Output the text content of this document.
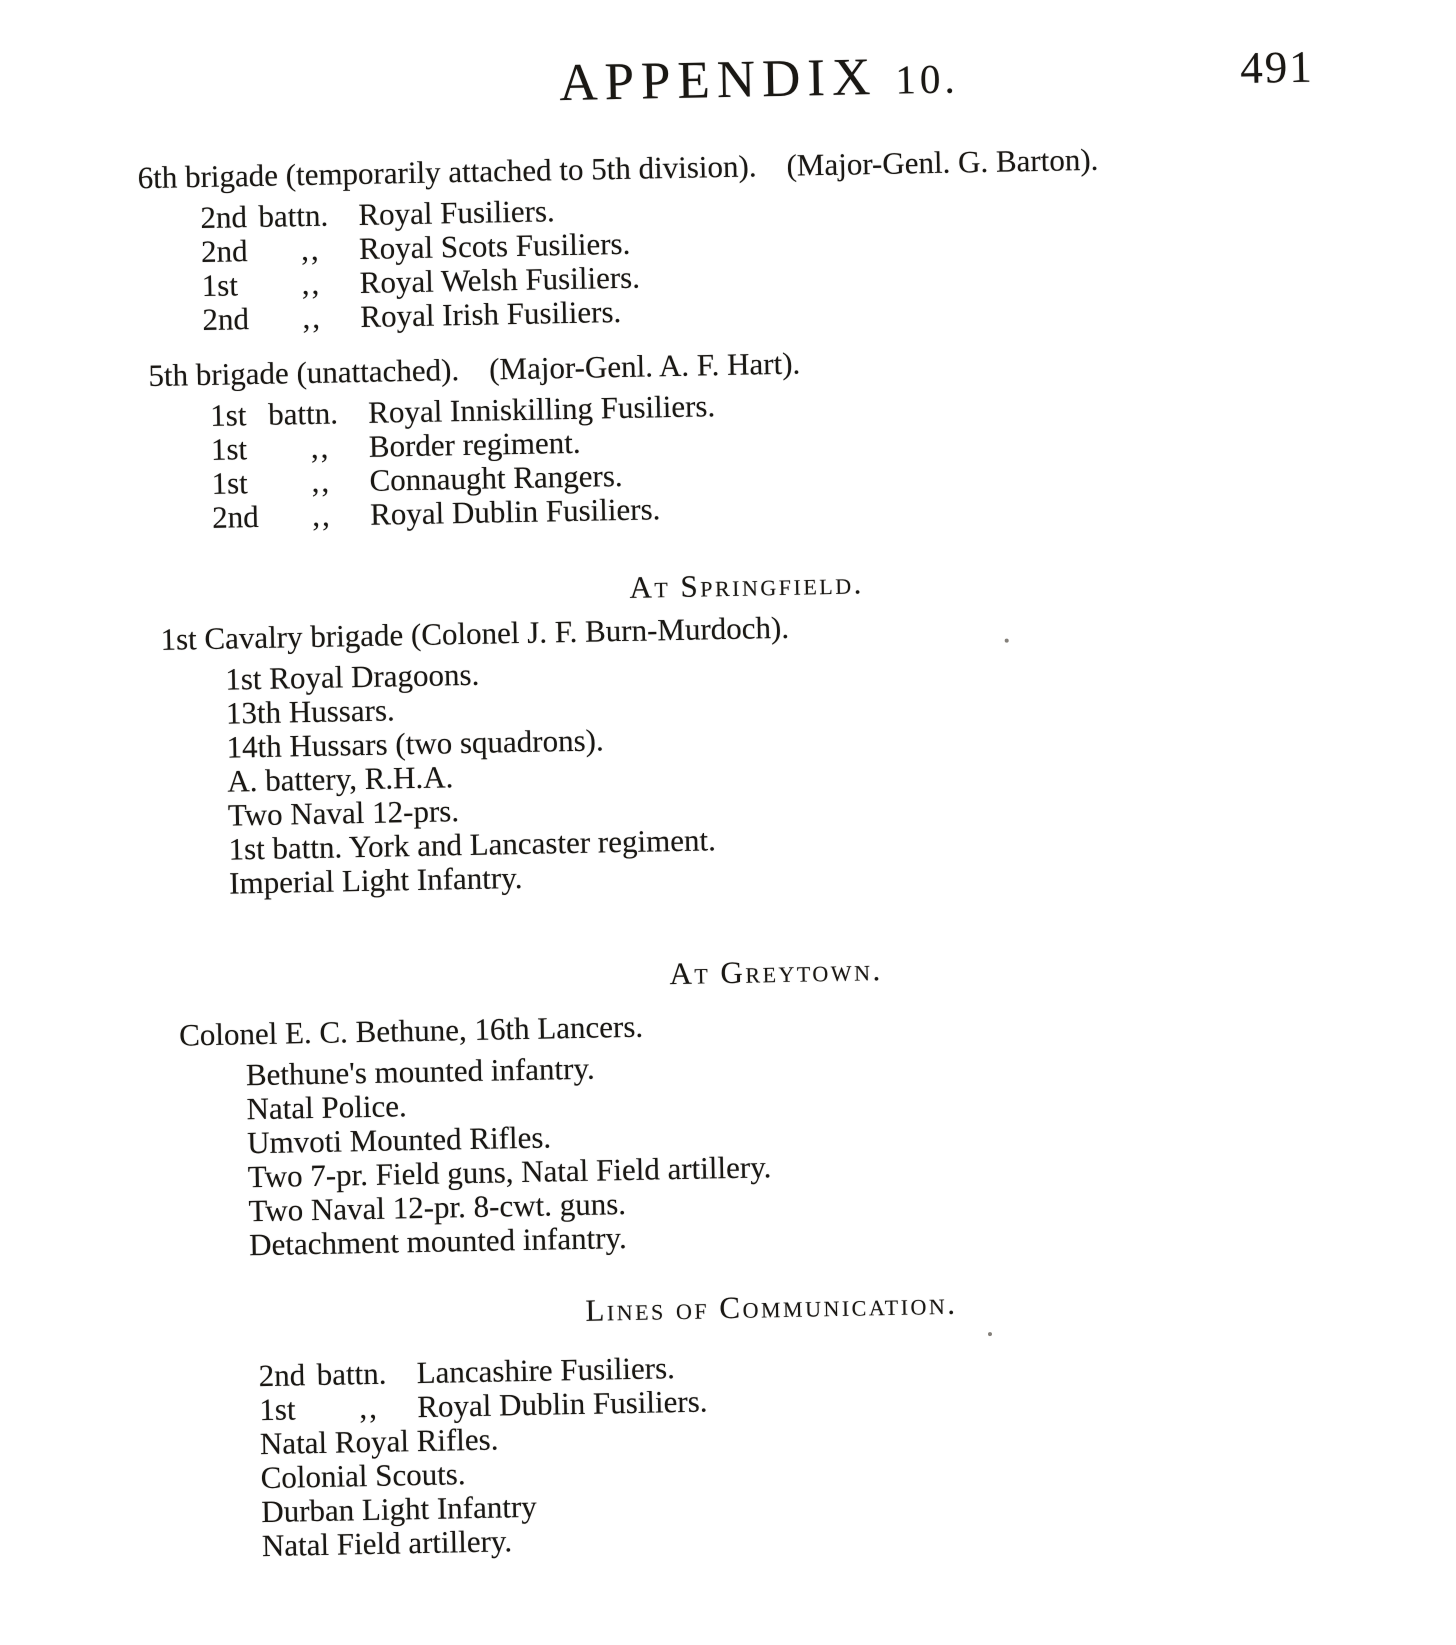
APPENDIX 10.	491
6th brigade (temporarily attached to 5th division). (Major-Genl. G. Barton).
2nd battn. Royal Fusiliers.
2nd ,, Royal Scots Fusiliers.
1st ,, Royal Welsh Fusiliers.
2nd ,, Royal Irish Fusiliers.
5th brigade (unattached). (Major-Genl. A. F. Hart).
1st battn. Royal Inniskilling Fusiliers.
1st ,, Border regiment.
1st ,, Connaught Rangers.
2nd ,, Royal Dublin Fusiliers.
At Springfield.
1st Cavalry brigade (Colonel J. F. Burn-Murdoch).
1st Royal Dragoons.
13th Hussars.
14th Hussars (two squadrons).
A. battery, R.H.A.
Two Naval 12-prs.
1st battn. York and Lancaster regiment.
Imperial Light Infantry.
At Greytown.
Colonel E. C. Bethune, 16th Lancers.
Bethune's mounted infantry.
Natal Police.
Umvoti Mounted Rifles.
Two 7-pr. Field guns, Natal Field artillery.
Two Naval 12-pr. 8-cwt. guns.
Detachment mounted infantry.
Lines of Communication.
2nd battn. Lancashire Fusiliers.
1st ,, Royal Dublin Fusiliers.
Natal Royal Rifles.
Colonial Scouts.
Durban Light Infantry
Natal Field artillery.
